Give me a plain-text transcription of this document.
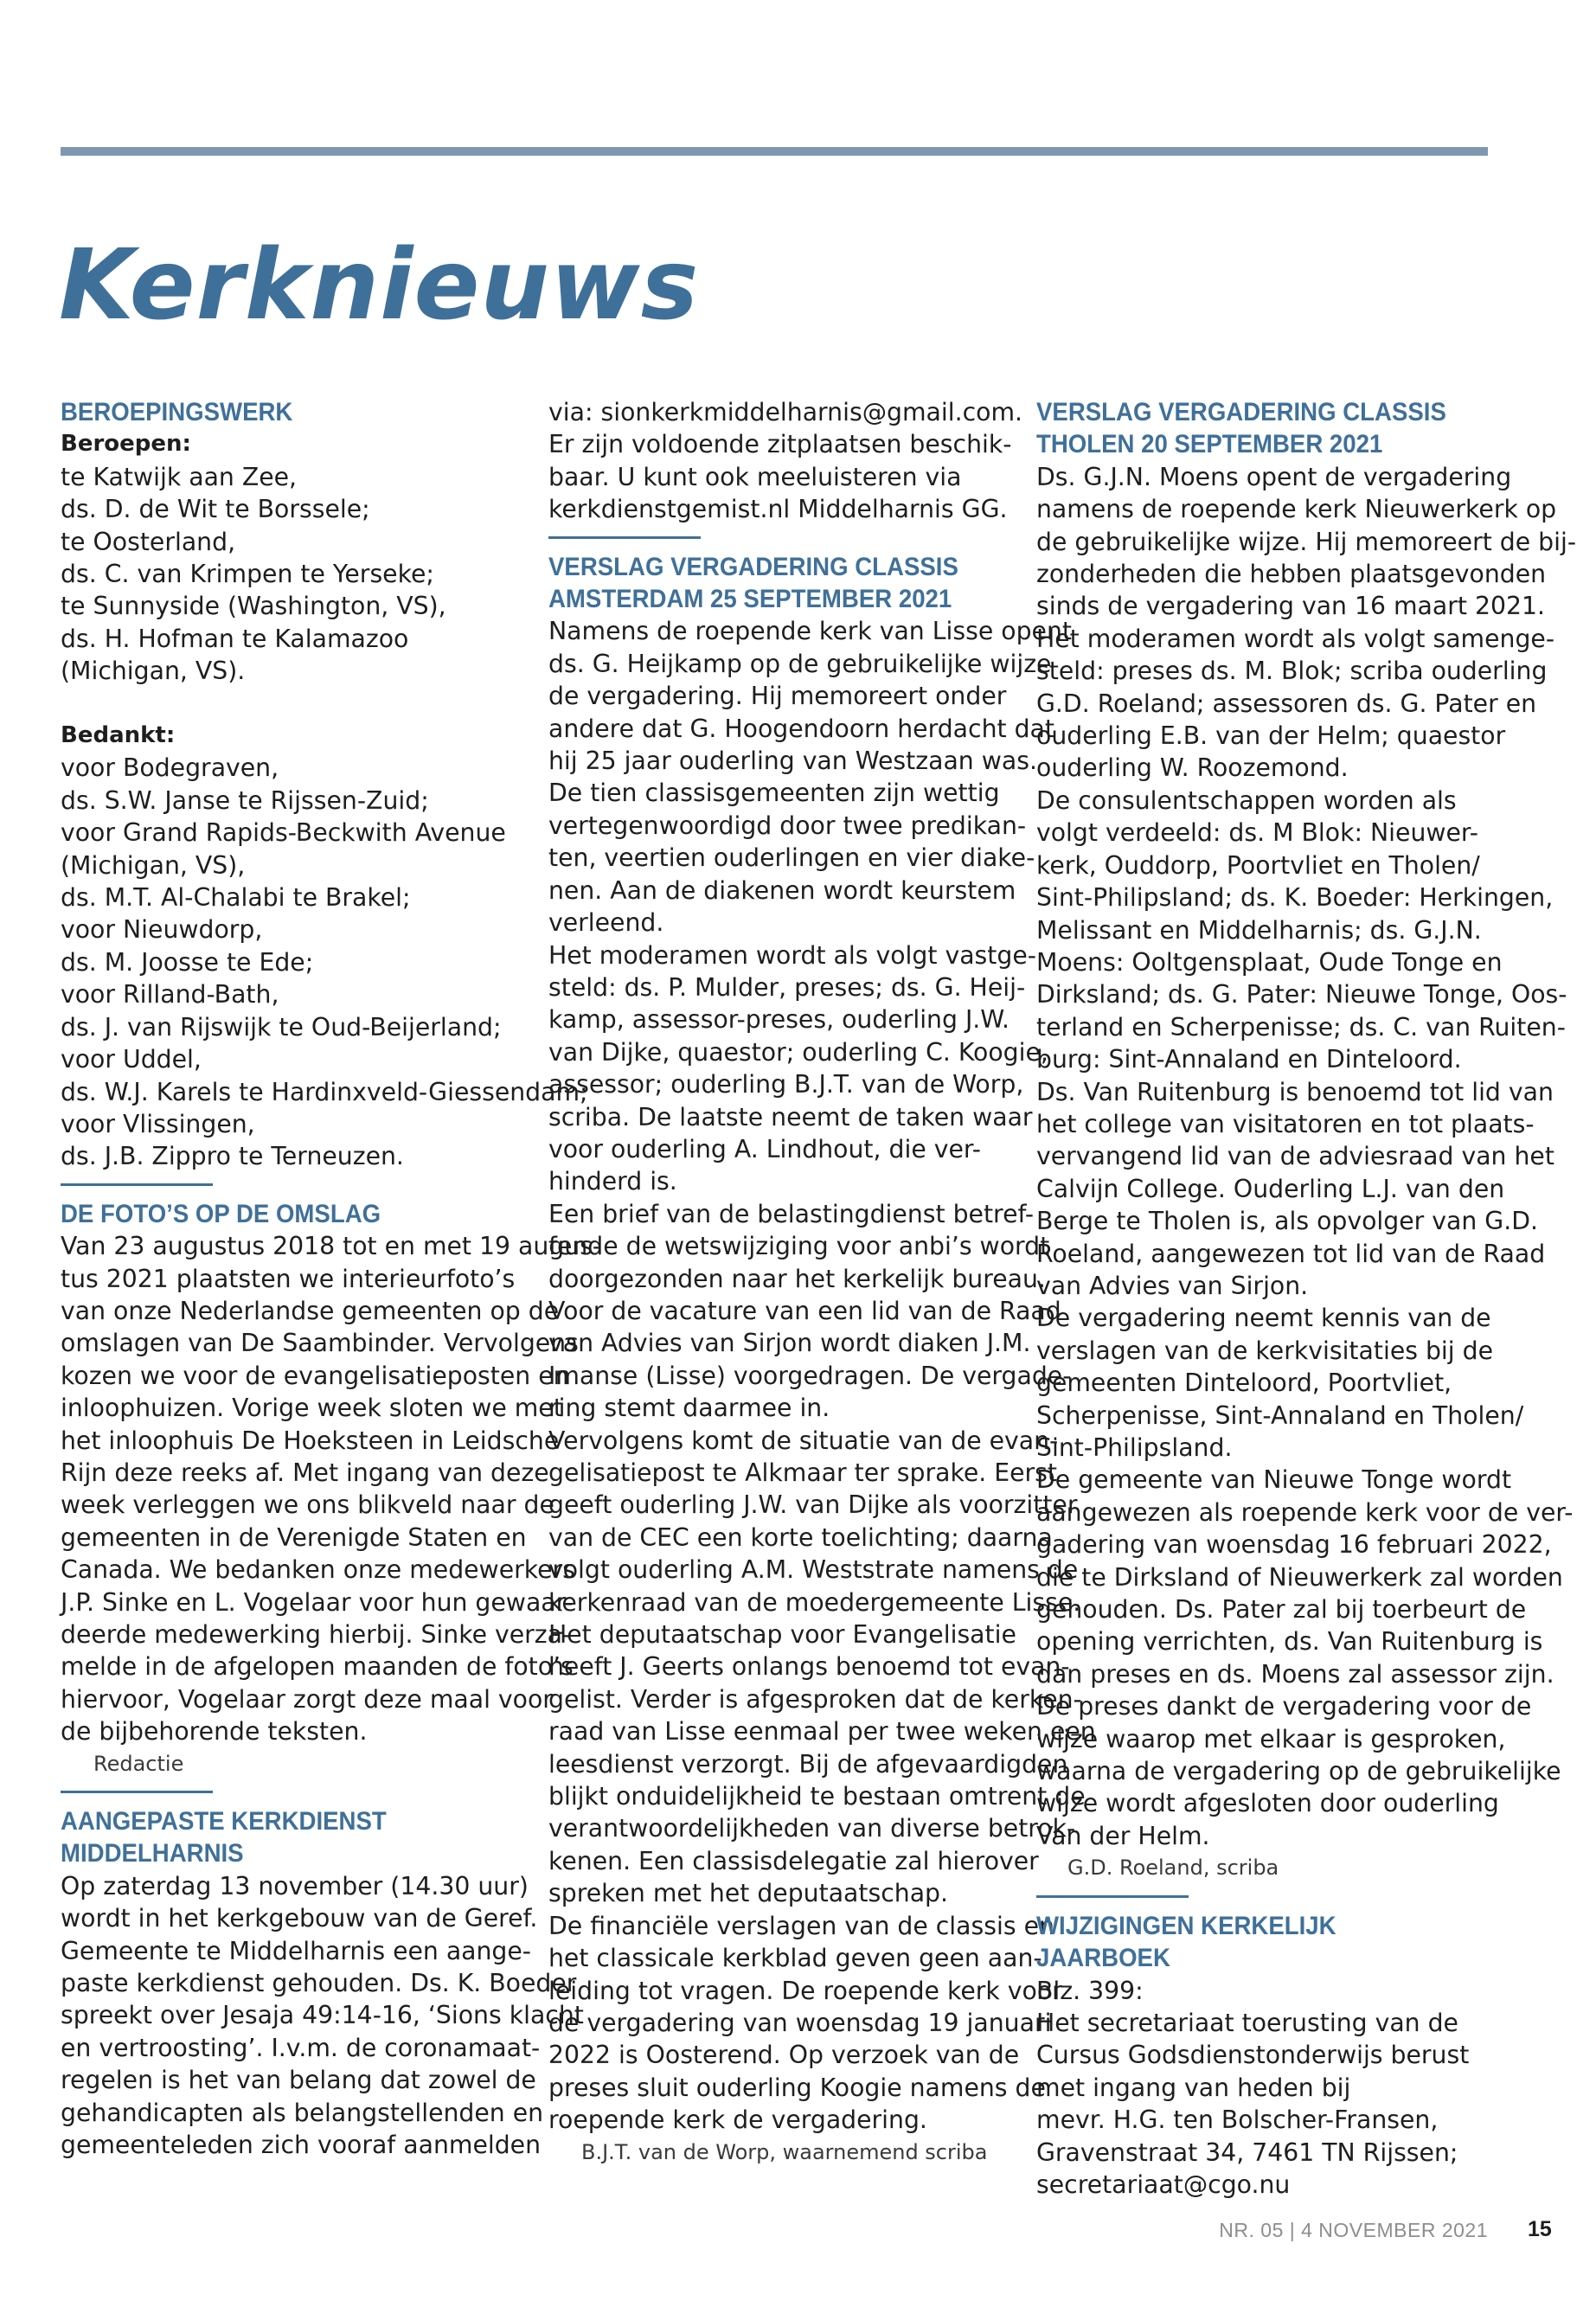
Kerknieuws
BEROEPINGSWERK
Beroepen:
te Katwijk aan Zee,
ds. D. de Wit te Borssele;
te Oosterland,
ds. C. van Krimpen te Yerseke;
te Sunnyside (Washington, VS),
ds. H. Hofman te Kalamazoo
(Michigan, VS).
Bedankt:
voor Bodegraven,
ds. S.W. Janse te Rijssen-Zuid;
voor Grand Rapids-Beckwith Avenue
(Michigan, VS),
ds. M.T. Al-Chalabi te Brakel;
voor Nieuwdorp,
ds. M. Joosse te Ede;
voor Rilland-Bath,
ds. J. van Rijswijk te Oud-Beijerland;
voor Uddel,
ds. W.J. Karels te Hardinxveld-Giessendam;
voor Vlissingen,
ds. J.B. Zippro te Terneuzen.
DE FOTO’S OP DE OMSLAG
Van 23 augustus 2018 tot en met 19 augus-
tus 2021 plaatsten we interieurfoto’s
van onze Nederlandse gemeenten op de
omslagen van De Saambinder. Vervolgens
kozen we voor de evangelisatieposten en
inloophuizen. Vorige week sloten we met
het inloophuis De Hoeksteen in Leidsche
Rijn deze reeks af. Met ingang van deze
week verleggen we ons blikveld naar de
gemeenten in de Verenigde Staten en
Canada. We bedanken onze medewerkers
J.P. Sinke en L. Vogelaar voor hun gewaar-
deerde medewerking hierbij. Sinke verza-
melde in de afgelopen maanden de foto’s
hiervoor, Vogelaar zorgt deze maal voor
de bijbehorende teksten.
Redactie
AANGEPASTE KERKDIENST
MIDDELHARNIS
Op zaterdag 13 november (14.30 uur)
wordt in het kerkgebouw van de Geref.
Gemeente te Middelharnis een aange-
paste kerkdienst gehouden. Ds. K. Boeder
spreekt over Jesaja 49:14-16, ‘Sions klacht
en vertroosting’. I.v.m. de coronamaat-
regelen is het van belang dat zowel de
gehandicapten als belangstellenden en
gemeenteleden zich vooraf aanmelden
via: sionkerkmiddelharnis@gmail.com.
Er zijn voldoende zitplaatsen beschik-
baar. U kunt ook meeluisteren via
kerkdienstgemist.nl Middelharnis GG.
VERSLAG VERGADERING CLASSIS
AMSTERDAM 25 SEPTEMBER 2021
Namens de roepende kerk van Lisse opent
ds. G. Heijkamp op de gebruikelijke wijze
de vergadering. Hij memoreert onder
andere dat G. Hoogendoorn herdacht dat
hij 25 jaar ouderling van Westzaan was.
De tien classisgemeenten zijn wettig
vertegenwoordigd door twee predikan-
ten, veertien ouderlingen en vier diake-
nen. Aan de diakenen wordt keurstem
verleend.
Het moderamen wordt als volgt vastge-
steld: ds. P. Mulder, preses; ds. G. Heij-
kamp, assessor-preses, ouderling J.W.
van Dijke, quaestor; ouderling C. Koogie,
assessor; ouderling B.J.T. van de Worp,
scriba. De laatste neemt de taken waar
voor ouderling A. Lindhout, die ver-
hinderd is.
Een brief van de belastingdienst betref-
fende de wetswijziging voor anbi’s wordt
doorgezonden naar het kerkelijk bureau.
Voor de vacature van een lid van de Raad
van Advies van Sirjon wordt diaken J.M.
Imanse (Lisse) voorgedragen. De vergade-
ring stemt daarmee in.
Vervolgens komt de situatie van de evan-
gelisatiepost te Alkmaar ter sprake. Eerst
geeft ouderling J.W. van Dijke als voorzitter
van de CEC een korte toelichting; daarna
volgt ouderling A.M. Weststrate namens de
kerkenraad van de moedergemeente Lisse.
Het deputaatschap voor Evangelisatie
heeft J. Geerts onlangs benoemd tot evan-
gelist. Verder is afgesproken dat de kerken-
raad van Lisse eenmaal per twee weken een
leesdienst verzorgt. Bij de afgevaardigden
blijkt onduidelijkheid te bestaan omtrent de
verantwoordelijkheden van diverse betrok-
kenen. Een classisdelegatie zal hierover
spreken met het deputaatschap.
De financiële verslagen van de classis en
het classicale kerkblad geven geen aan-
leiding tot vragen. De roepende kerk voor
de vergadering van woensdag 19 januari
2022 is Oosterend. Op verzoek van de
preses sluit ouderling Koogie namens de
roepende kerk de vergadering.
B.J.T. van de Worp, waarnemend scriba
VERSLAG VERGADERING CLASSIS
THOLEN 20 SEPTEMBER 2021
Ds. G.J.N. Moens opent de vergadering
namens de roepende kerk Nieuwerkerk op
de gebruikelijke wijze. Hij memoreert de bij-
zonderheden die hebben plaatsgevonden
sinds de vergadering van 16 maart 2021.
Het moderamen wordt als volgt samenge-
steld: preses ds. M. Blok; scriba ouderling
G.D. Roeland; assessoren ds. G. Pater en
ouderling E.B. van der Helm; quaestor
ouderling W. Roozemond.
De consulentschappen worden als
volgt verdeeld: ds. M Blok: Nieuwer-
kerk, Ouddorp, Poortvliet en Tholen/
Sint-Philipsland; ds. K. Boeder: Herkingen,
Melissant en Middelharnis; ds. G.J.N.
Moens: Ooltgensplaat, Oude Tonge en
Dirksland; ds. G. Pater: Nieuwe Tonge, Oos-
terland en Scherpenisse; ds. C. van Ruiten-
burg: Sint-Annaland en Dinteloord.
Ds. Van Ruitenburg is benoemd tot lid van
het college van visitatoren en tot plaats-
vervangend lid van de adviesraad van het
Calvijn College. Ouderling L.J. van den
Berge te Tholen is, als opvolger van G.D.
Roeland, aangewezen tot lid van de Raad
van Advies van Sirjon.
De vergadering neemt kennis van de
verslagen van de kerkvisitaties bij de
gemeenten Dinteloord, Poortvliet,
Scherpenisse, Sint-Annaland en Tholen/
Sint-Philipsland.
De gemeente van Nieuwe Tonge wordt
aangewezen als roepende kerk voor de ver-
gadering van woensdag 16 februari 2022,
die te Dirksland of Nieuwerkerk zal worden
gehouden. Ds. Pater zal bij toerbeurt de
opening verrichten, ds. Van Ruitenburg is
dan preses en ds. Moens zal assessor zijn.
De preses dankt de vergadering voor de
wijze waarop met elkaar is gesproken,
waarna de vergadering op de gebruikelijke
wijze wordt afgesloten door ouderling
Van der Helm.
G.D. Roeland, scriba
WIJZIGINGEN KERKELIJK JAARBOEK
Blz. 399:
Het secretariaat toerusting van de
Cursus Godsdienstonderwijs berust
met ingang van heden bij
mevr. H.G. ten Bolscher-Fransen,
Gravenstraat 34, 7461 TN Rijssen;
secretariaat@cgo.nu
NR. 05 | 4 NOVEMBER 2021 15
